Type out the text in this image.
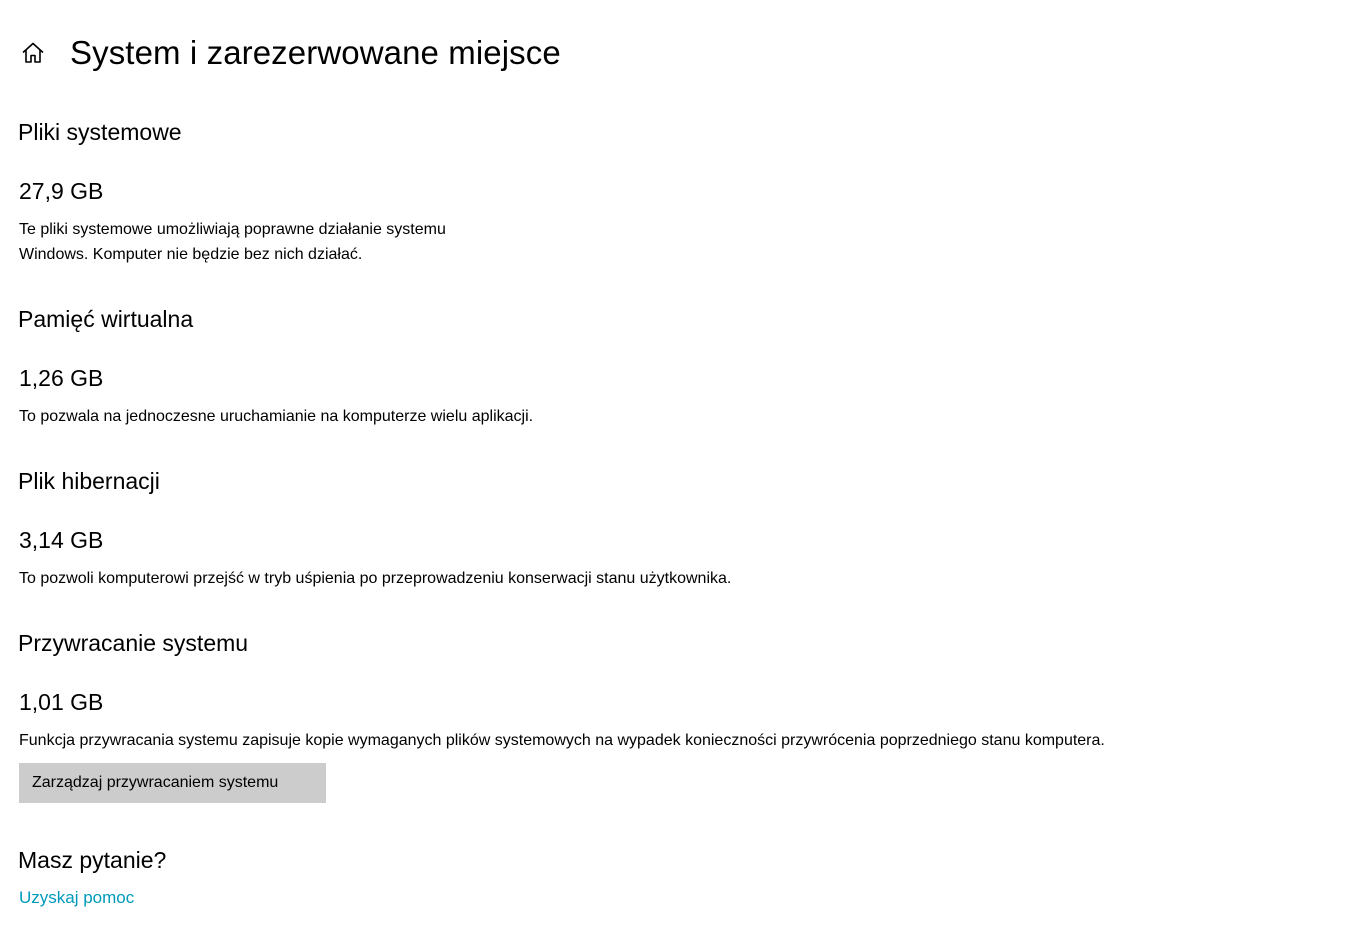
System i zarezerwowane miejsce
Pliki systemowe
27,9 GB
Te pliki systemowe umożliwiają poprawne działanie systemu
Windows. Komputer nie będzie bez nich działać.
Pamięć wirtualna
1,26 GB
To pozwala na jednoczesne uruchamianie na komputerze wielu aplikacji.
Plik hibernacji
3,14 GB
To pozwoli komputerowi przejść w tryb uśpienia po przeprowadzeniu konserwacji stanu użytkownika.
Przywracanie systemu
1,01 GB
Funkcja przywracania systemu zapisuje kopie wymaganych plików systemowych na wypadek konieczności przywrócenia poprzedniego stanu komputera.
Zarządzaj przywracaniem systemu
Masz pytanie?
Uzyskaj pomoc
